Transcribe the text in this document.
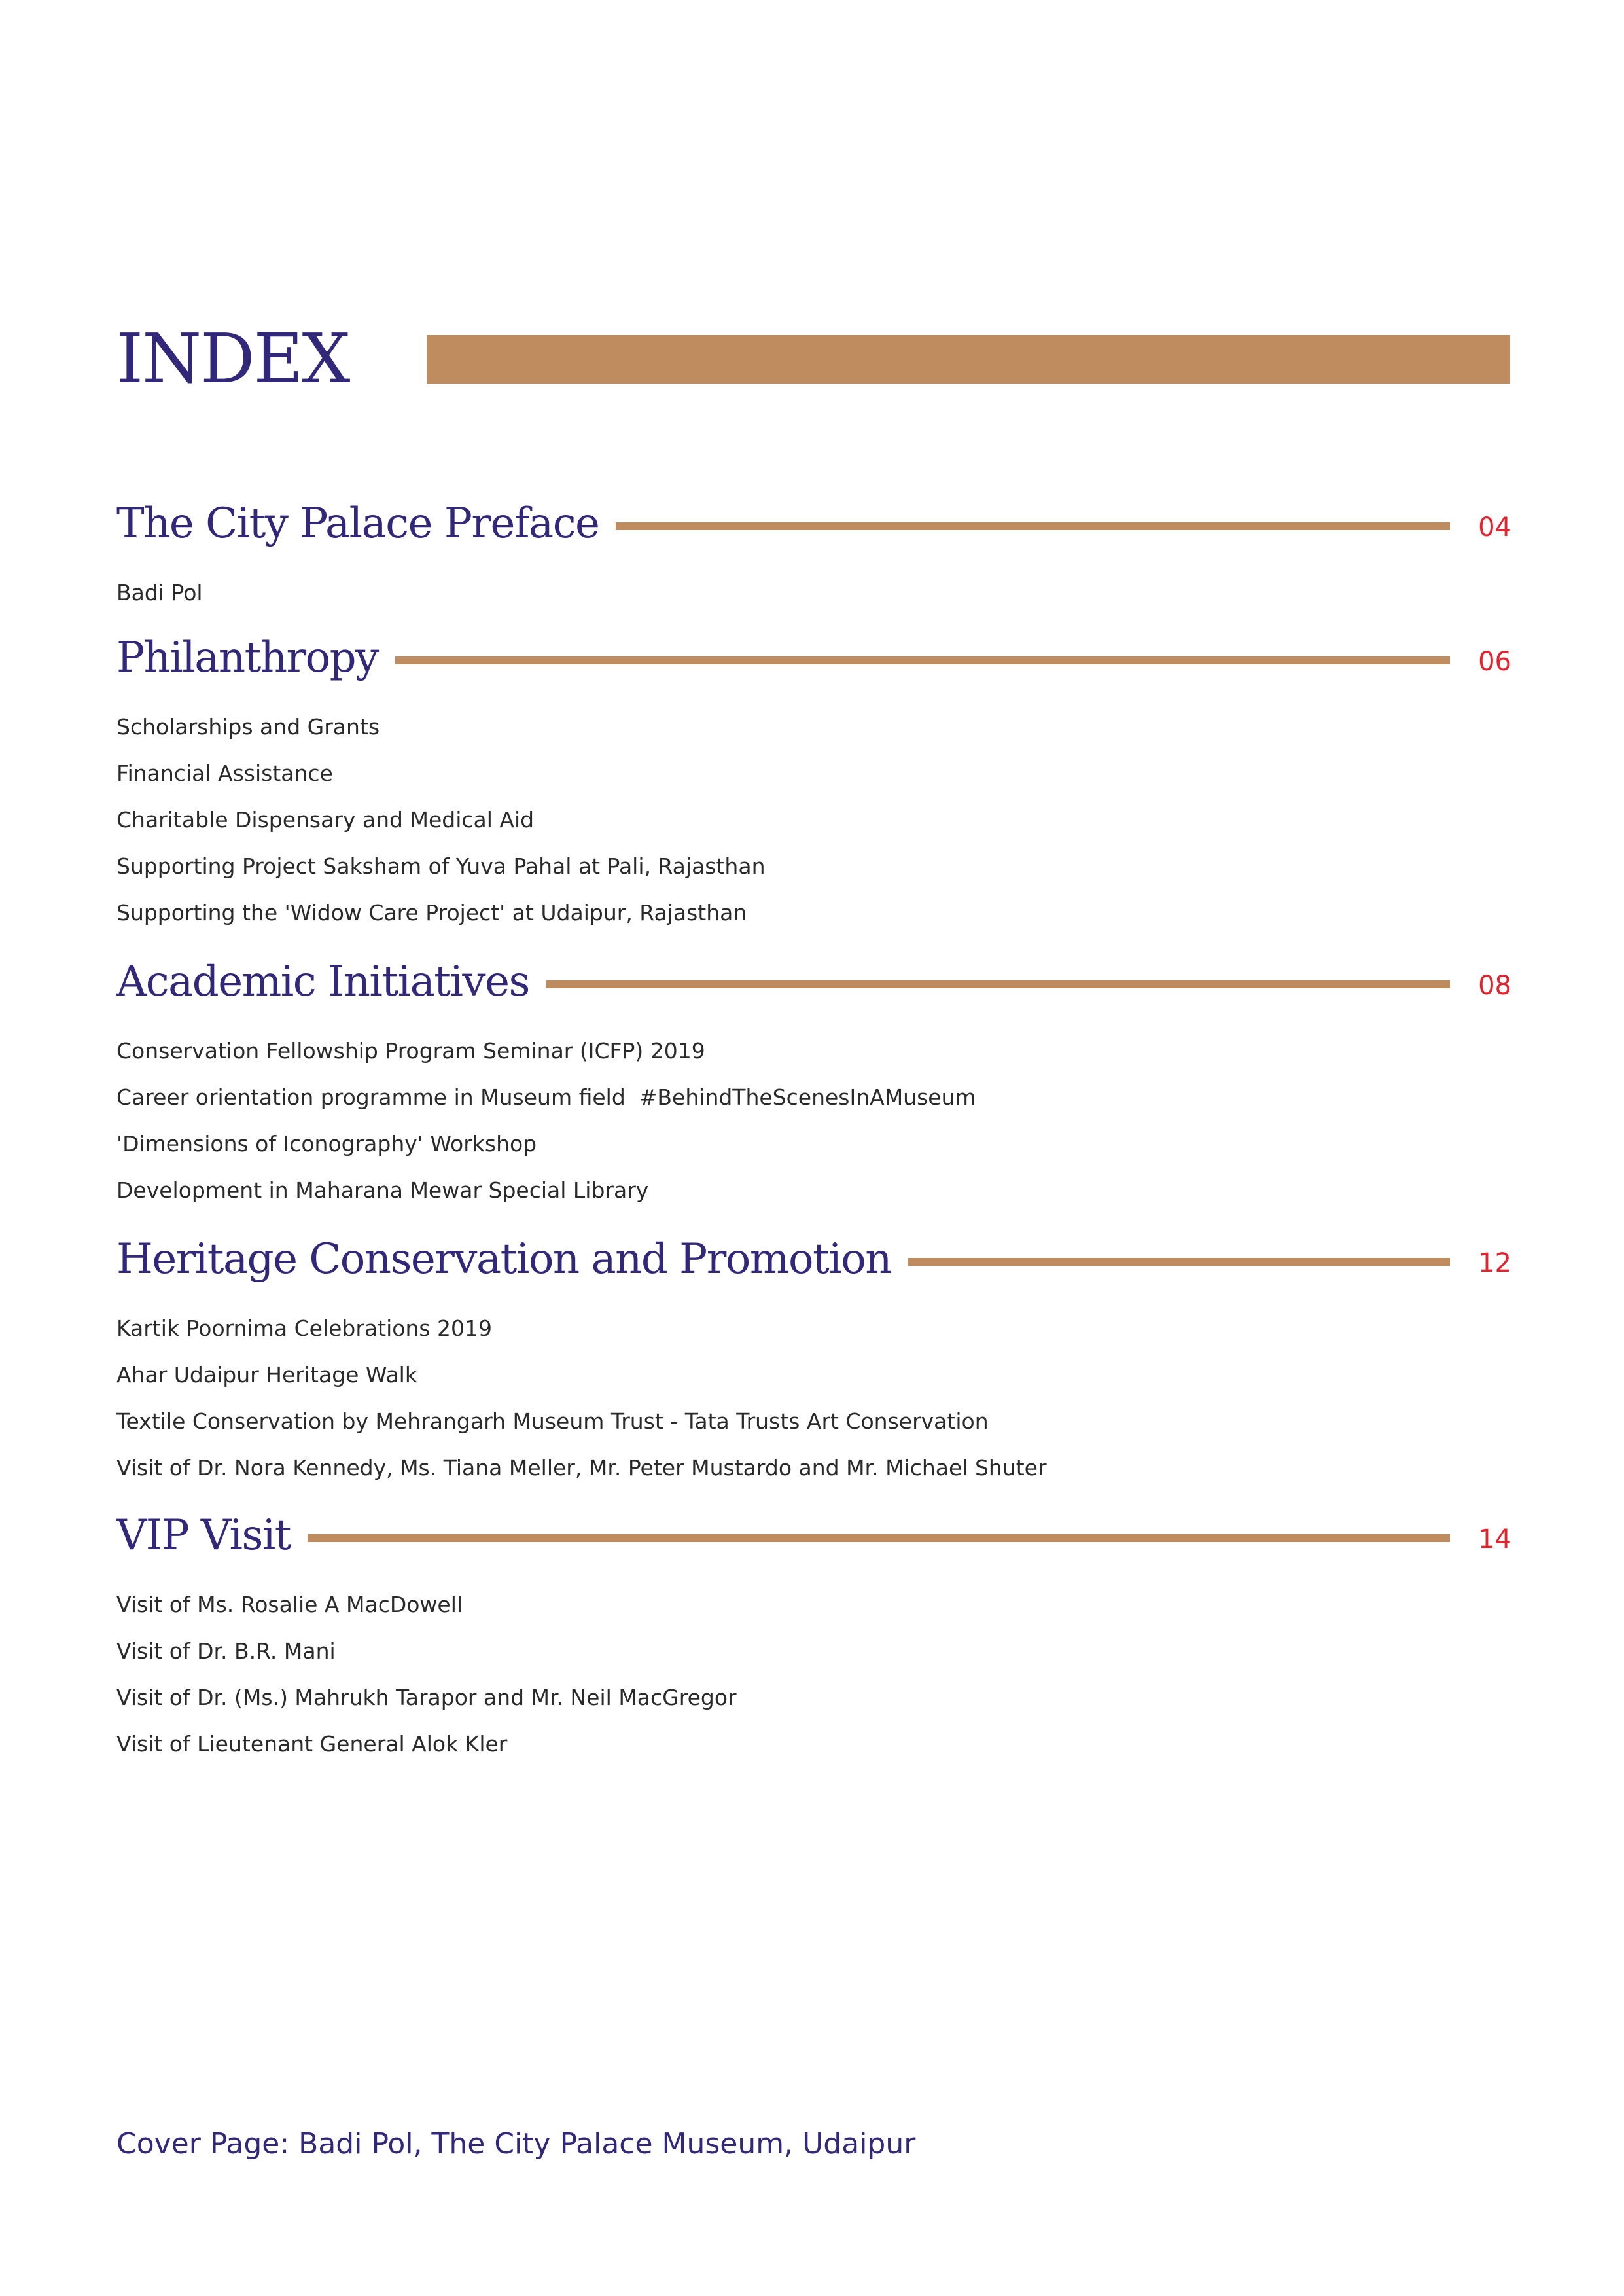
INDEX
The City Palace Preface	04
Badi Pol
Philanthropy	06
Scholarships and Grants
Financial Assistance
Charitable Dispensary and Medical Aid
Supporting Project Saksham of Yuva Pahal at Pali, Rajasthan
Supporting the 'Widow Care Project' at Udaipur, Rajasthan
Academic Initiatives	08
Conservation Fellowship Program Seminar (ICFP) 2019
Career orientation programme in Museum field  #BehindTheScenesInAMuseum
'Dimensions of Iconography' Workshop
Development in Maharana Mewar Special Library
Heritage Conservation and Promotion	12
Kartik Poornima Celebrations 2019
Ahar Udaipur Heritage Walk
Textile Conservation by Mehrangarh Museum Trust - Tata Trusts Art Conservation
Visit of Dr. Nora Kennedy, Ms. Tiana Meller, Mr. Peter Mustardo and Mr. Michael Shuter
VIP Visit	14
Visit of Ms. Rosalie A MacDowell
Visit of Dr. B.R. Mani
Visit of Dr. (Ms.) Mahrukh Tarapor and Mr. Neil MacGregor
Visit of Lieutenant General Alok Kler
Cover Page: Badi Pol, The City Palace Museum, Udaipur
